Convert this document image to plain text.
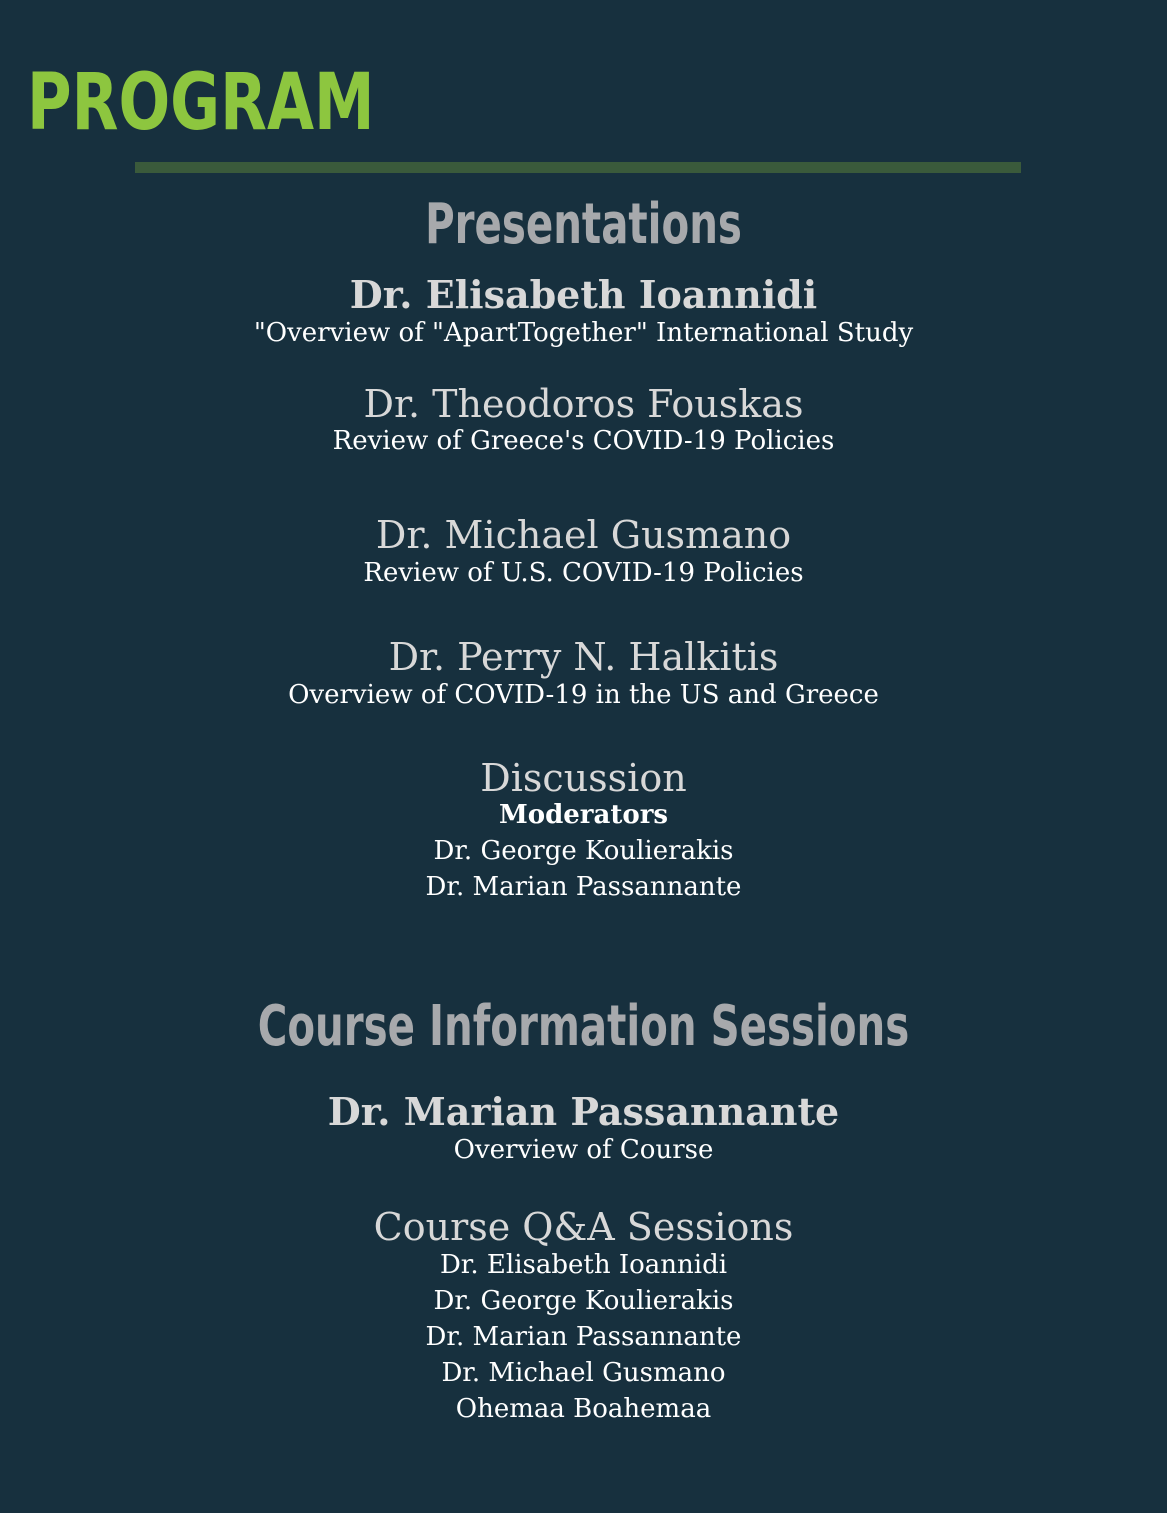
PROGRAM
Presentations
Dr. Elisabeth Ioannidi
"Overview of "ApartTogether" International Study
Dr. Theodoros Fouskas
Review of Greece's COVID-19 Policies
Dr. Michael Gusmano
Review of U.S. COVID-19 Policies
Dr. Perry N. Halkitis
Overview of COVID-19 in the US and Greece
Discussion
Moderators
Dr. George Koulierakis
Dr. Marian Passannante
Course Information Sessions
Dr. Marian Passannante
Overview of Course
Course Q&A Sessions
Dr. Elisabeth Ioannidi
Dr. George Koulierakis
Dr. Marian Passannante
Dr. Michael Gusmano
Ohemaa Boahemaa
